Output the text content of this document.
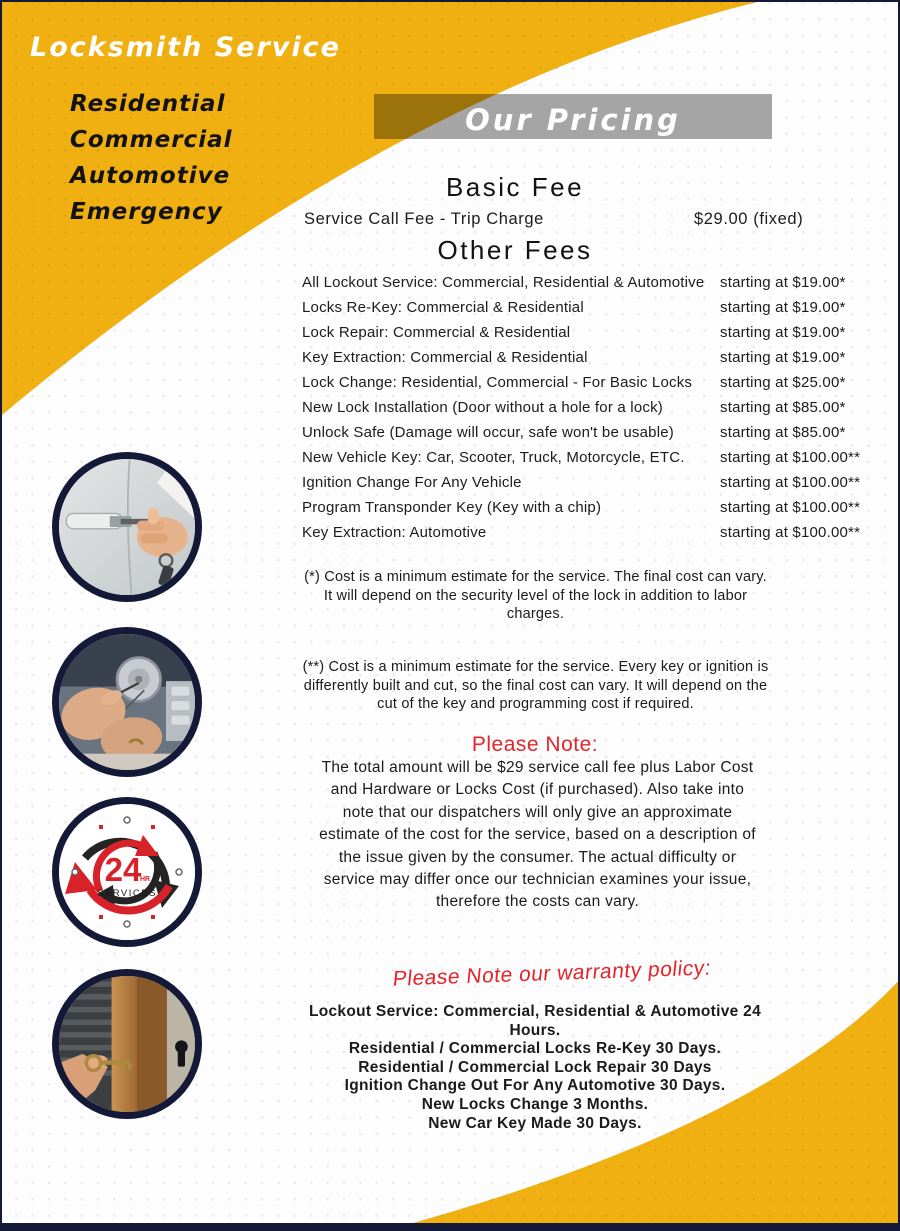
Locksmith Service
Residential
Commercial
Automotive
Emergency
Our Pricing
Basic Fee
Service Call Fee - Trip Charge	$29.00 (fixed)
Other Fees
All Lockout Service: Commercial, Residential & Automotive	starting at $19.00*
Locks Re-Key: Commercial & Residential	starting at $19.00*
Lock Repair: Commercial & Residential	starting at $19.00*
Key Extraction: Commercial & Residential	starting at $19.00*
Lock Change: Residential, Commercial - For Basic Locks	starting at $25.00*
New Lock Installation (Door without a hole for a lock)	starting at $85.00*
Unlock Safe (Damage will occur, safe won't be usable)	starting at $85.00*
New Vehicle Key: Car, Scooter, Truck, Motorcycle, ETC.	starting at $100.00**
Ignition Change For Any Vehicle	starting at $100.00**
Program Transponder Key (Key with a chip)	starting at $100.00**
Key Extraction: Automotive	starting at $100.00**
(*) Cost is a minimum estimate for the service. The final cost can vary. It will depend on the security level of the lock in addition to labor charges.
(**) Cost is a minimum estimate for the service. Every key or ignition is differently built and cut, so the final cost can vary. It will depend on the cut of the key and programming cost if required.
Please Note:
The total amount will be $29 service call fee plus Labor Cost and Hardware or Locks Cost (if purchased). Also take into note that our dispatchers will only give an approximate estimate of the cost for the service, based on a description of the issue given by the consumer. The actual difficulty or service may differ once our technician examines your issue, therefore the costs can vary.
Please Note our warranty policy:
Lockout Service: Commercial, Residential & Automotive 24 Hours.
Residential / Commercial Locks Re-Key 30 Days.
Residential / Commercial Lock Repair 30 Days
Ignition Change Out For Any Automotive 30 Days.
New Locks Change 3 Months.
New Car Key Made 30 Days.
24
HR
SERVICES
